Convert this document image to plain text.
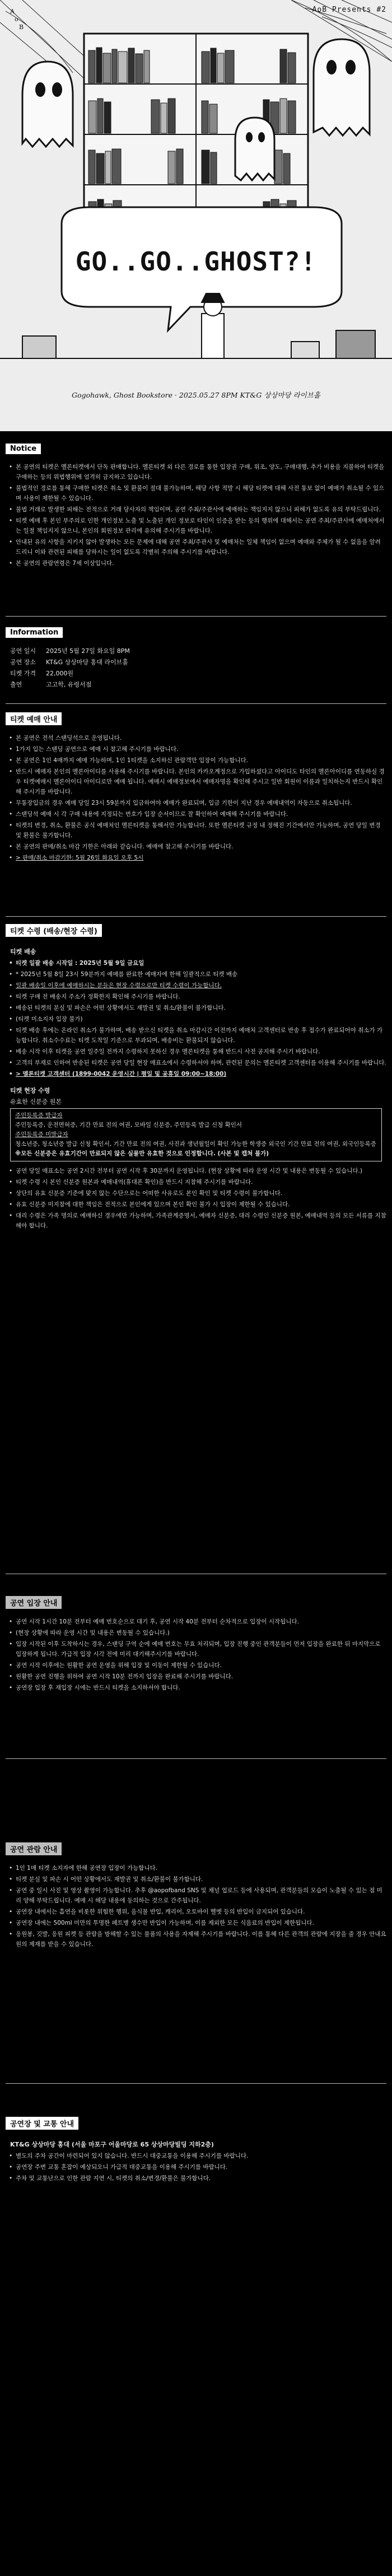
A
o
B
AoB Presents #2
GO..GO..GHOST?!
Gogohawk, Ghost Bookstore · 2025.05.27 8PM KT&G 상상마당 라이브홀
Notice
• 본 공연의 티켓은 멜론티켓에서 단독 판매합니다. 멜론티켓 외 다른 경로를 통한 입장권 구매, 위조, 양도, 구매대행, 추가 비용을 지불하여 티켓을 구매하는 등의 위법행위에 엄격히 금지하고 있습니다.
• 불법적인 경로를 통해 구매한 티켓은 취소 및 환불이 절대 불가능하며, 해당 사항 적발 시 해당 티켓에 대해 사전 통보 없이 예매가 취소될 수 있으며 사용이 제한될 수 있습니다.
• 불법 거래로 발생한 피해는 전적으로 거래 당사자의 책임이며, 공연 주최/주관사에 예매하는 책임지지 않으니 피해가 없도록 유의 부탁드립니다.
• 티켓 예매 후 본인 부주의로 인한 개인정보 노출 및 노출된 개인 정보로 타인이 인증을 받는 등의 행위에 대해서는 공연 주최/주관사에 예매처에서는 일절 책임지지 않으니, 본인의 회원정보 관리에 유의해 주시기를 바랍니다.
• 안내된 유의 사항을 지키지 않아 발생하는 모든 문제에 대해 공연 주최/주관사 및 예매처는 일체 책임이 없으며 예매와 주체가 될 수 없음을 알려 드리니 이와 관련된 피해를 당하시는 일이 없도록 각별히 주의해 주시기를 바랍니다.
• 본 공연의 관람연령은 7세 이상입니다.
Information
공연 일시	2025년 5월 27일 화요일 8PM
공연 장소	KT&G 상상마당 홍대 라이브홀
티켓 가격	22,000원
출연	고고학, 유령서점
티켓 예매 안내
• 본 공연은 전석 스탠딩석으로 운영됩니다.
• 1가지 입는 스탠딩 공연으로 예매 시 참고해 주시기를 바랍니다.
• 본 공연은 1인 4매까지 예매 가능하며, 1인 1티켓을 소지하신 관람객만 입장이 가능합니다.
• 반드시 예매자 본인의 멜론아이디를 사용해 주시기를 바랍니다. 본인의 카카오계정으로 가입하셨다고 아이디도 타인의 멜론아이디를 연동하실 경우 티켓예매시 멜론아이디 아이디로만 예매 됩니다. 예매시 예매정보에서 예매자명을 확인해 주시고 일반 회원이 이름과 일치하는지 반드시 확인해 주시기를 바랍니다.
• 무통장입금의 경우 예매 당일 23시 59분까지 입금하여야 예매가 완료되며, 입금 기한이 지난 경우 예매내역이 자동으로 취소됩니다.
• 스탠딩석 예매 시 각 구매 내용에 지정되는 번호가 입장 순서이므로 잘 확인하여 예매해 주시기를 바랍니다.
• 티켓의 변경, 취소, 환불은 공식 예매처인 멜론티켓을 통해서만 가능합니다. 또한 멜론티켓 규정 내 정해진 기간에서만 가능하며, 공연 당일 변경 및 환불은 불가합니다.
• 본 공연의 판매/취소 마감 기한은 아래와 같습니다. 예매에 참고해 주시기를 바랍니다.
• > 판매/취소 마감기한: 5월 26일 화요일 오후 5시
티켓 수령 (배송/현장 수령)
티켓 배송
• 티켓 일괄 배송 시작일 : 2025년 5월 9일 금요일
• * 2025년 5월 8일 23시 59분까지 예매를 완료한 예매자에 한해 일괄적으로 티켓 배송
• 일괄 배송일 이후에 예매하시는 분들은 현장 수령으로만 티켓 수령이 가능합니다.
• 티켓 구매 전 배송지 주소가 정확한지 확인해 주시기를 바랍니다.
• 배송된 티켓의 분실 및 파손은 어떤 상황에서도 재발권 및 취소/환불이 불가합니다.
• (티켓 미소지자 입장 불가)
• 티켓 배송 후에는 온라인 취소가 불가하며, 배송 받으신 티켓을 취소 마감시간 이전까지 예매처 고객센터로 반송 후 접수가 완료되어야 취소가 가능합니다. 취소수수료는 티켓 도착일 기준으로 부과되며, 배송비는 환불되지 않습니다.
• 배송 시작 이후 티켓을 공연 일주일 전까지 수령하지 못하신 경우 멜론티켓을 통해 반드시 사전 공지해 주시기 바랍니다.
• 고객의 부재로 인하여 반송된 티켓은 공연 당일 현장 매표소에서 수령하셔야 하며, 관련된 문의는 멜론티켓 고객센터를 이용해 주시기를 바랍니다.
• > 멜론티켓 고객센터 (1899-0042 운영시간 | 평일 및 공휴일 09:00~18:00)
티켓 현장 수령
유효한 신분증 원본

주민등록증 발급자

주민등록증, 운전면허증, 기간 만료 전의 여권, 모바일 신분증, 주민등록 발급 신청 확인서

주민등록증 미발급자

청소년증, 청소년증 발급 신청 확인서, 기간 만료 전의 여권, 사진과 생년월일이 확인 가능한 학생증 외국인 기간 만료 전의 여권, 외국인등록증

※모든 신분증은 유효기간이 만료되지 않은 실물만 유효한 것으로 인정합니다. (사본 및 캡쳐 불가)

• 공연 당일 매표소는 공연 2시간 전부터 공연 시작 후 30분까지 운영됩니다. (현장 상황에 따라 운영 시간 및 내용은 변동될 수 있습니다.)
• 티켓 수령 시 본인 신분증 원본과 예매내역(휴대폰 확인)을 반드시 지참해 주시기를 바랍니다.
• 상단의 유효 신분증 기준에 맞지 않는 수단으로는 어떠한 사유로도 본인 확인 및 티켓 수령이 불가합니다.
• 유효 신분증 미지참에 대한 책임은 전적으로 본인에게 있으며 본인 확인 불가 시 입장이 제한될 수 있습니다.
• 대리 수령은 가족 명의로 예매하신 경우에만 가능하며, 가족관계증명서, 예매자 신분증, 대리 수령인 신분증 원본, 예매내역 등의 모든 서류를 지참해야 합니다.
공연 입장 안내
• 공연 시작 1시간 10분 전부터 예매 번호순으로 대기 후, 공연 시작 40분 전부터 순차적으로 입장이 시작됩니다.
• (현장 상황에 따라 운영 시간 및 내용은 변동될 수 있습니다.)
• 입장 시작된 이후 도착하시는 경우, 스탠딩 구역 순에 예매 번호는 무효 처리되며, 입장 진행 중인 관객분들이 먼저 입장을 완료한 뒤 마지막으로 입장하게 됩니다. 가급적 입장 시각 전에 미리 대기해주시기를 바랍니다.
• 공연 시작 이후에는 원활한 공연 운영을 위해 입장 및 이동이 제한될 수 있습니다.
• 원활한 공연 진행을 위하여 공연 시작 10분 전까지 입장을 완료해 주시기를 바랍니다.
• 공연장 입장 후 재입장 시에는 반드시 티켓을 소지하셔야 합니다.
공연 관람 안내
• 1인 1매 티켓 소지자에 한해 공연장 입장이 가능합니다.
• 티켓 분실 및 파손 시 어떤 상황에서도 재발권 및 취소/환불이 불가합니다.
• 공연 중 일시 사진 및 영상 촬영이 가능합니다. 추후 @aopofband SNS 및 채널 업로드 등에 사용되며, 관객분들의 모습이 노출될 수 있는 점 미리 양해 부탁드립니다. 예매 시 해당 내용에 동의하는 것으로 간주됩니다.
• 공연장 내에서는 흡연을 비롯한 위험한 행위, 음식물 반입, 캐리어, 오토바이 헬멧 등의 반입이 금지되어 있습니다.
• 공연장 내에는 500ml 미만의 투명한 페트병 생수만 반입이 가능하며, 이를 제외한 모든 식음료의 반입이 제한됩니다.
• 응원봉, 깃발, 응원 피켓 등 관람을 방해할 수 있는 물품의 사용을 자제해 주시기를 바랍니다. 이를 통해 다른 관객의 관람에 지장을 줄 경우 안내요원의 제재를 받을 수 있습니다.
공연장 및 교통 안내
KT&G 상상마당 홍대 (서울 마포구 어울마당로 65 상상마당빌딩 지하2층)
• 별도의 주차 공간이 마련되어 있지 않습니다. 반드시 대중교통을 이용해 주시기를 바랍니다.
• 공연장 주변 교통 혼잡이 예상되오니 가급적 대중교통을 이용해 주시기를 바랍니다.
• 주차 및 교통난으로 인한 관람 지연 시, 티켓의 취소/변경/환불은 불가합니다.
